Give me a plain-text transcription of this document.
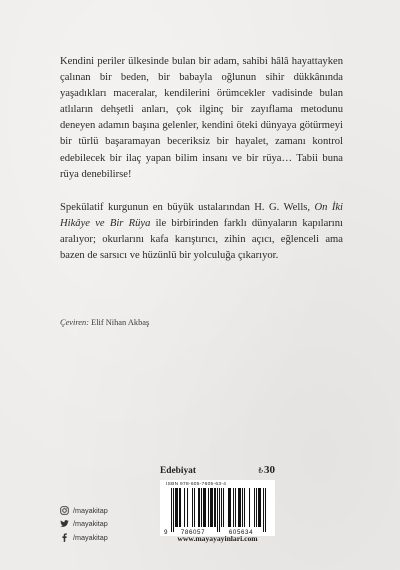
Kendini periler ülkesinde bulan bir adam, sahibi hâlâ hayattayken çalınan bir beden, bir babayla oğlunun sihir dükkânında yaşadıkları maceralar, kendilerini örümcekler vadisinde bulan atlıların dehşetli anları, çok ilginç bir zayıflama metodunu deneyen adamın başına gelenler, kendini öteki dünyaya götürmeyi bir türlü başaramayan beceriksiz bir hayalet, zamanı kontrol edebilecek bir ilaç yapan bilim insanı ve bir rüya… Tabii buna rüya denebilirse!

Spekülatif kurgunun en büyük ustalarından H. G. Wells, On İki Hikâye ve Bir Rüya ile birbirinden farklı dünyaların kapılarını aralıyor; okurlarını kafa karıştırıcı, zihin açıcı, eğlenceli ama bazen de sarsıcı ve hüzünlü bir yolculuğa çıkarıyor.

Çeviren: Elif Nihan Akbaş
/mayakitap
/mayakitap
/mayakitap
Edebiyat	₺ 30
ISBN 978-605-7605-63-4
9 786057	605634
www.mayayayinlari.com
